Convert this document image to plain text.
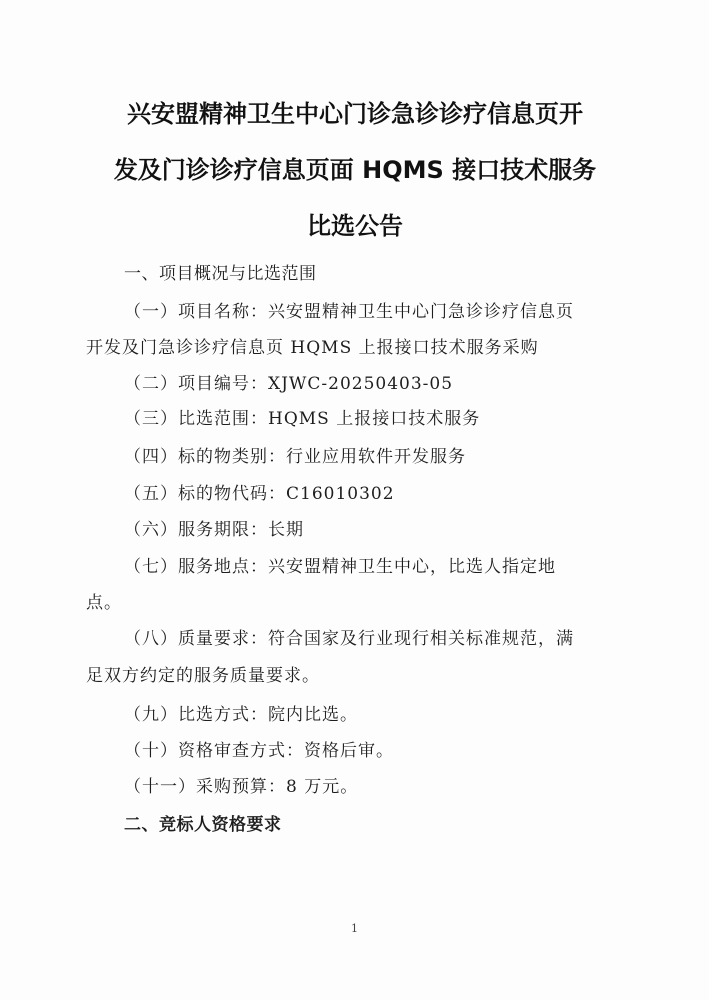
兴安盟精神卫生中心门诊急诊诊疗信息页开
发及门诊诊疗信息页面 HQMS 接口技术服务
比选公告

一、项目概况与比选范围

（一）项目名称：兴安盟精神卫生中心门急诊诊疗信息页

开发及门急诊诊疗信息页 HQMS 上报接口技术服务采购

（二）项目编号：XJWC-20250403-05

（三）比选范围：HQMS 上报接口技术服务

（四）标的物类别：行业应用软件开发服务

（五）标的物代码：C16010302

（六）服务期限：长期

（七）服务地点：兴安盟精神卫生中心，比选人指定地

点。

（八）质量要求：符合国家及行业现行相关标准规范，满

足双方约定的服务质量要求。

（九）比选方式：院内比选。

（十）资格审查方式：资格后审。

（十一）采购预算：8 万元。

二、竞标人资格要求

1
